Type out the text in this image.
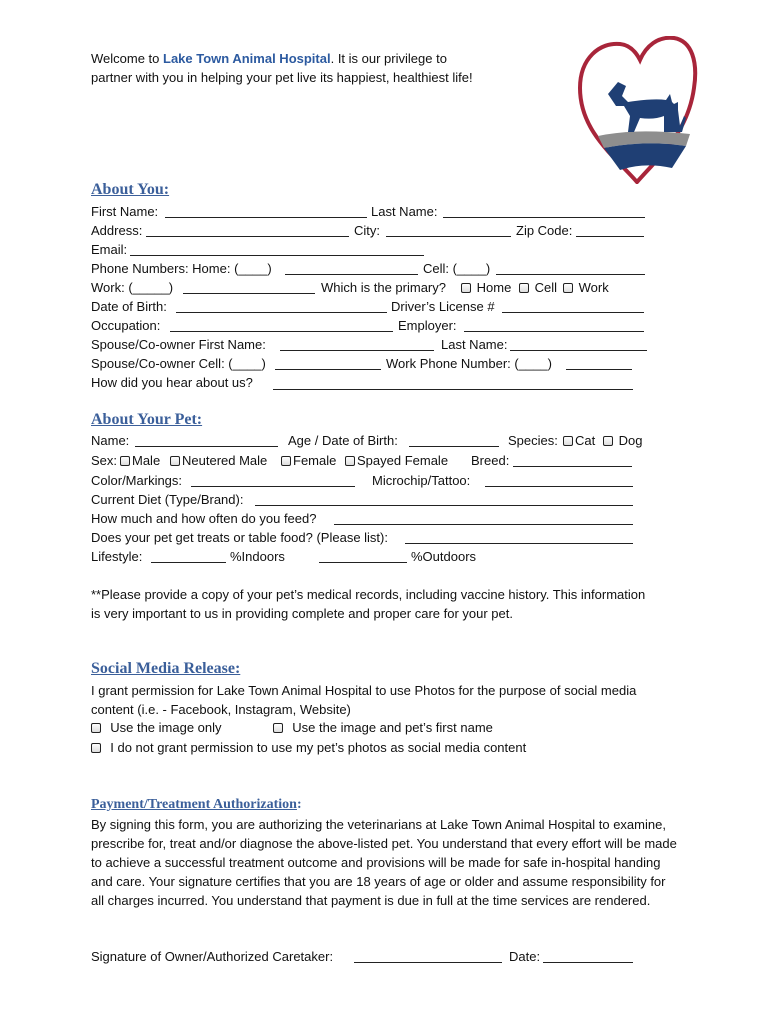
Welcome to Lake Town Animal Hospital. It is our privilege to partner with you in helping your pet live its happiest, healthiest life!
About You:
First Name:	Last Name:
Address:	City:	Zip Code:
Email:
Phone Numbers: Home: (____)	Cell: (____)
Work: (_____)	Which is the primary?	Home	Cell	Work
Date of Birth:	Driver’s License #
Occupation:	Employer:
Spouse/Co-owner First Name:	Last Name:
Spouse/Co-owner Cell: (____)	Work Phone Number: (____)
How did you hear about us?
About Your Pet:
Name:	Age / Date of Birth:	Species:	Cat	Dog
Sex:	Male	Neutered Male	Female	Spayed Female Breed:
Color/Markings:	Microchip/Tattoo:
Current Diet (Type/Brand):
How much and how often do you feed?
Does your pet get treats or table food? (Please list):
Lifestyle:	%Indoors	%Outdoors
**Please provide a copy of your pet’s medical records, including vaccine history. This information is very important to us in providing complete and proper care for your pet.
Social Media Release:
I grant permission for Lake Town Animal Hospital to use Photos for the purpose of social media content (i.e. - Facebook, Instagram, Website)
Use the image only	Use the image and pet’s first name
I do not grant permission to use my pet’s photos as social media content
Payment/Treatment Authorization:
By signing this form, you are authorizing the veterinarians at Lake Town Animal Hospital to examine, prescribe for, treat and/or diagnose the above-listed pet. You understand that every effort will be made to achieve a successful treatment outcome and provisions will be made for safe in-hospital handing and care. Your signature certifies that you are 18 years of age or older and assume responsibility for all charges incurred. You understand that payment is due in full at the time services are rendered.
Signature of Owner/Authorized Caretaker:	Date:
